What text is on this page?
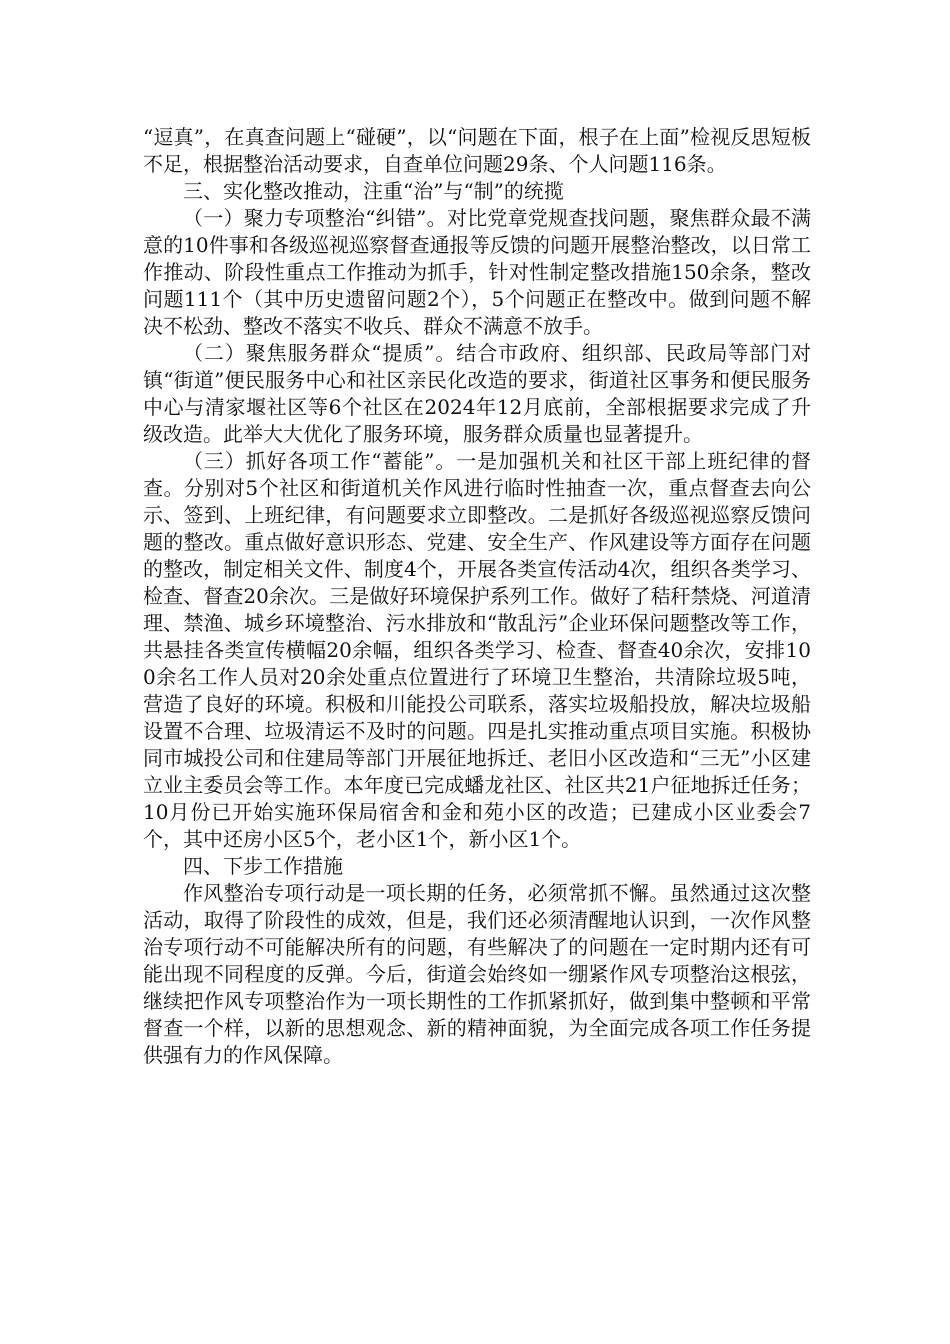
“逗真”，在真查问题上“碰硬”，以“问题在下面，根子在上面”检视反思短板不足，根据整治活动要求，自查单位问题29条、个人问题116条。

三、实化整改推动，注重“治”与“制”的统揽

（一）聚力专项整治“纠错”。对比党章党规查找问题，聚焦群众最不满意的10件事和各级巡视巡察督查通报等反馈的问题开展整治整改，以日常工作推动、阶段性重点工作推动为抓手，针对性制定整改措施150余条，整改问题111个（其中历史遗留问题2个），5个问题正在整改中。做到问题不解决不松劲、整改不落实不收兵、群众不满意不放手。

（二）聚焦服务群众“提质”。结合市政府、组织部、民政局等部门对镇“街道”便民服务中心和社区亲民化改造的要求，街道社区事务和便民服务中心与清家堰社区等6个社区在2024年12月底前，全部根据要求完成了升级改造。此举大大优化了服务环境，服务群众质量也显著提升。

（三）抓好各项工作“蓄能”。一是加强机关和社区干部上班纪律的督查。分别对5个社区和街道机关作风进行临时性抽查一次，重点督查去向公示、签到、上班纪律，有问题要求立即整改。二是抓好各级巡视巡察反馈问题的整改。重点做好意识形态、党建、安全生产、作风建设等方面存在问题的整改，制定相关文件、制度4个，开展各类宣传活动4次，组织各类学习、检查、督查20余次。三是做好环境保护系列工作。做好了秸秆禁烧、河道清理、禁渔、城乡环境整治、污水排放和“散乱污”企业环保问题整改等工作，共悬挂各类宣传横幅20余幅，组织各类学习、检查、督查40余次，安排100余名工作人员对20余处重点位置进行了环境卫生整治，共清除垃圾5吨，营造了良好的环境。积极和川能投公司联系，落实垃圾船投放，解决垃圾船设置不合理、垃圾清运不及时的问题。四是扎实推动重点项目实施。积极协同市城投公司和住建局等部门开展征地拆迁、老旧小区改造和“三无”小区建立业主委员会等工作。本年度已完成蟠龙社区、社区共21户征地拆迁任务；10月份已开始实施环保局宿舍和金和苑小区的改造；已建成小区业委会7个，其中还房小区5个，老小区1个，新小区1个。

四、下步工作措施

作风整治专项行动是一项长期的任务，必须常抓不懈。虽然通过这次整活动，取得了阶段性的成效，但是，我们还必须清醒地认识到，一次作风整治专项行动不可能解决所有的问题，有些解决了的问题在一定时期内还有可能出现不同程度的反弹。今后，街道会始终如一绷紧作风专项整治这根弦，继续把作风专项整治作为一项长期性的工作抓紧抓好，做到集中整顿和平常督查一个样，以新的思想观念、新的精神面貌，为全面完成各项工作任务提供强有力的作风保障。
